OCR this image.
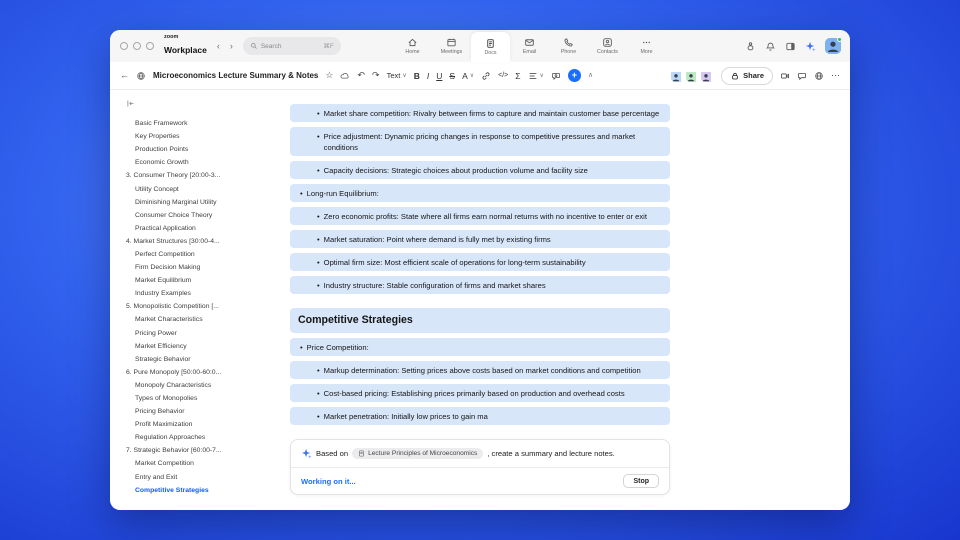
zoom
Workplace ‹ ›	Search	⌘F
Home	Meetings	Docs	Email	Phone	Contacts	More
←	Microeconomics Lecture Summary & Notes ☆	↶ ↷ Text ∨ B I U S A ∨	</> Σ	∨	+	∧	Share	⋯
Basic Framework
Key Properties
Production Points
Economic Growth
3. Consumer Theory [20:00-3...
Utility Concept
Diminishing Marginal Utility
Consumer Choice Theory
Practical Application
4. Market Structures [30:00-4...
Perfect Competition
Firm Decision Making
Market Equilibrium
Industry Examples
5. Monopolistic Competition [...
Market Characteristics
Pricing Power
Market Efficiency
Strategic Behavior
6. Pure Monopoly [50:00-60:0...
Monopoly Characteristics
Types of Monopolies
Pricing Behavior
Profit Maximization
Regulation Approaches
7. Strategic Behavior [60:00-7...
Market Competition
Entry and Exit
Competitive Strategies
• Market share competition: Rivalry between firms to capture and maintain customer base percentage
• Price adjustment: Dynamic pricing changes in response to competitive pressures and market conditions
• Capacity decisions: Strategic choices about production volume and facility size
• Long-run Equilibrium:
• Zero economic profits: State where all firms earn normal returns with no incentive to enter or exit
• Market saturation: Point where demand is fully met by existing firms
• Optimal firm size: Most efficient scale of operations for long-term sustainability
• Industry structure: Stable configuration of firms and market shares
Competitive Strategies
• Price Competition:
• Markup determination: Setting prices above costs based on market conditions and competition
• Cost-based pricing: Establishing prices primarily based on production and overhead costs
• Market penetration: Initially low prices to gain ma
Based on	Lecture Principles of Microeconomics , create a summary and lecture notes.
Working on it...	Stop
